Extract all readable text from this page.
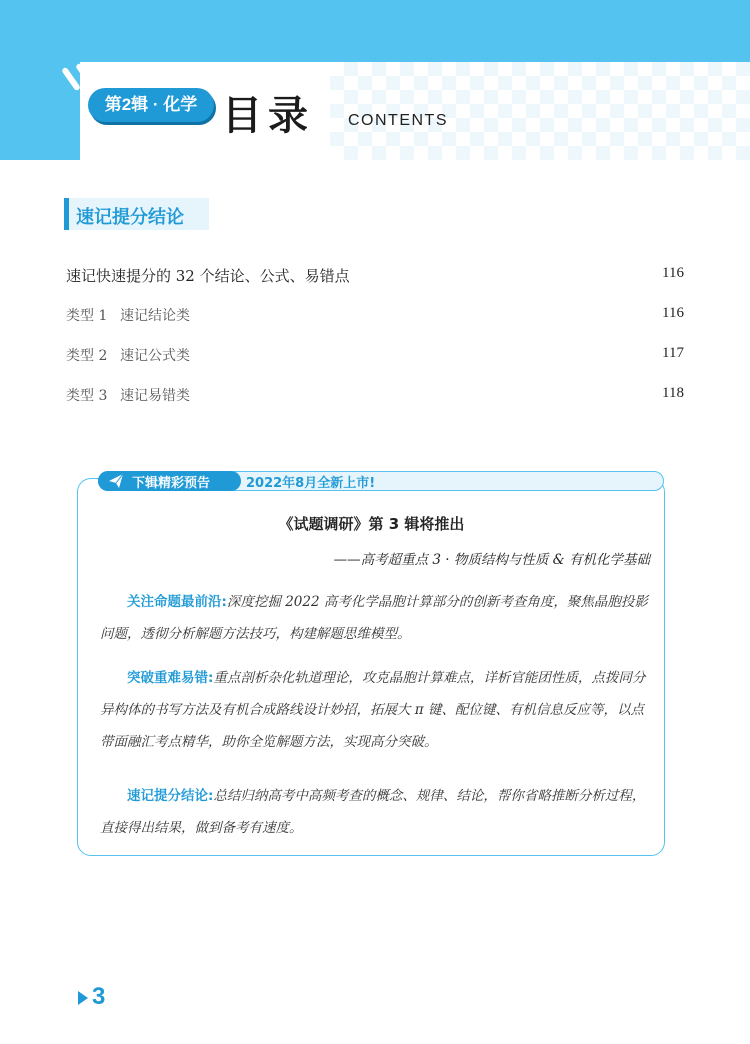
第2辑 · 化学 目录 CONTENTS
速记提分结论
速记快速提分的 32 个结论、公式、易错点	116
类型 1 速记结论类	116
类型 2 速记公式类	117
类型 3 速记易错类	118
下辑精彩预告	2022年8月全新上市!
《试题调研》第 3 辑将推出
——高考超重点 3 · 物质结构与性质 & 有机化学基础
关注命题最前沿:深度挖掘 2022 高考化学晶胞计算部分的创新考查角度，聚焦晶胞投影问题，透彻分析解题方法技巧，构建解题思维模型。
突破重难易错:重点剖析杂化轨道理论，攻克晶胞计算难点，详析官能团性质，点拨同分异构体的书写方法及有机合成路线设计妙招，拓展大 π 键、配位键、有机信息反应等，以点带面融汇考点精华，助你全览解题方法，实现高分突破。
速记提分结论:总结归纳高考中高频考查的概念、规律、结论，帮你省略推断分析过程，直接得出结果，做到备考有速度。
3
